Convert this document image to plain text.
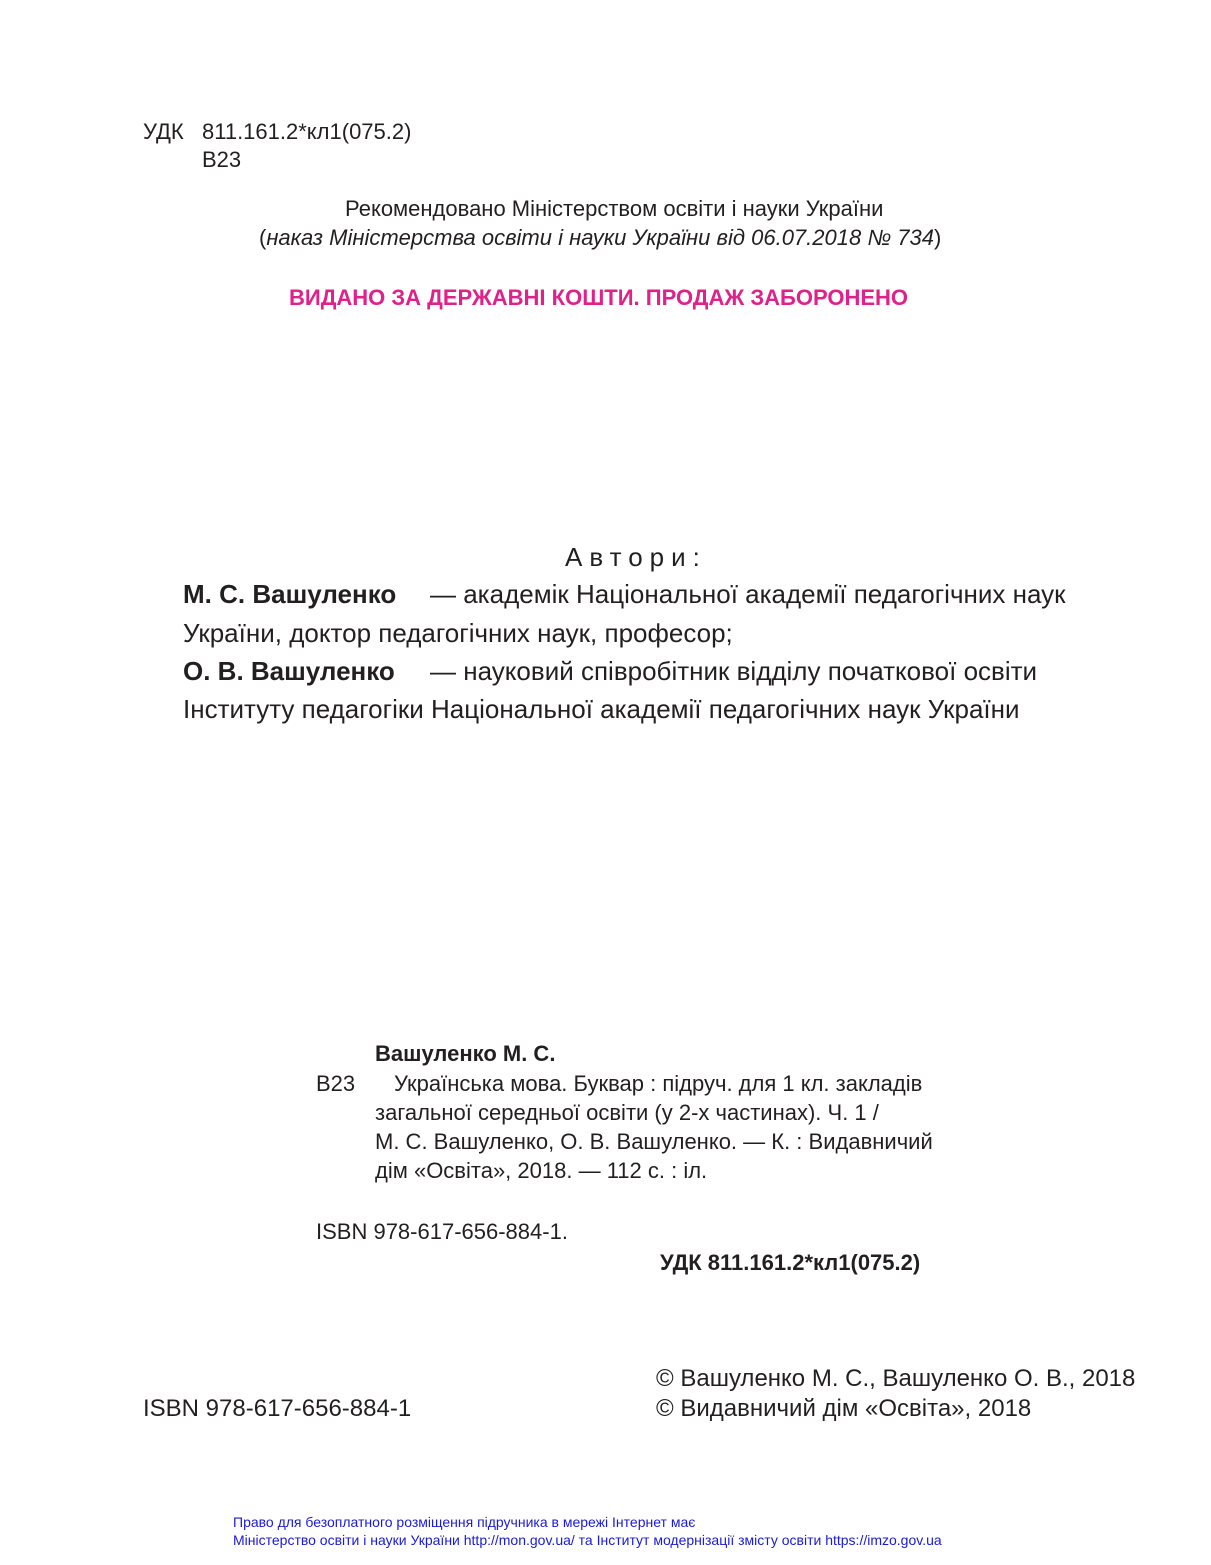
УДК 811.161.2*кл1(075.2)
В23
Рекомендовано Міністерством освіти і науки України
(наказ Міністерства освіти і науки України від 06.07.2018 № 734)
ВИДАНО ЗА ДЕРЖАВНІ КОШТИ. ПРОДАЖ ЗАБОРОНЕНО
Автори:
М. С. Вашуленко — академік Національної академії педагогічних наук
України, доктор педагогічних наук, професор;
О. В. Вашуленко — науковий співробітник відділу початкової освіти
Інституту педагогіки Національної академії педагогічних наук України
Вашуленко М. С.
В23 Українська мова. Буквар : підруч. для 1 кл. закладів
загальної середньої освіти (у 2-х частинах). Ч. 1 /
М. С. Вашуленко, О. В. Вашуленко. — К. : Видавничий
дім «Освіта», 2018. — 112 с. : іл.
ISBN 978-617-656-884-1.
УДК 811.161.2*кл1(075.2)
© Вашуленко М. С., Вашуленко О. В., 2018
ISBN 978-617-656-884-1	© Видавничий дім «Освіта», 2018
Право для безоплатного розміщення підручника в мережі Інтернет має
Міністерство освіти і науки України http://mon.gov.ua/ та Інститут модернізації змісту освіти https://imzo.gov.ua
